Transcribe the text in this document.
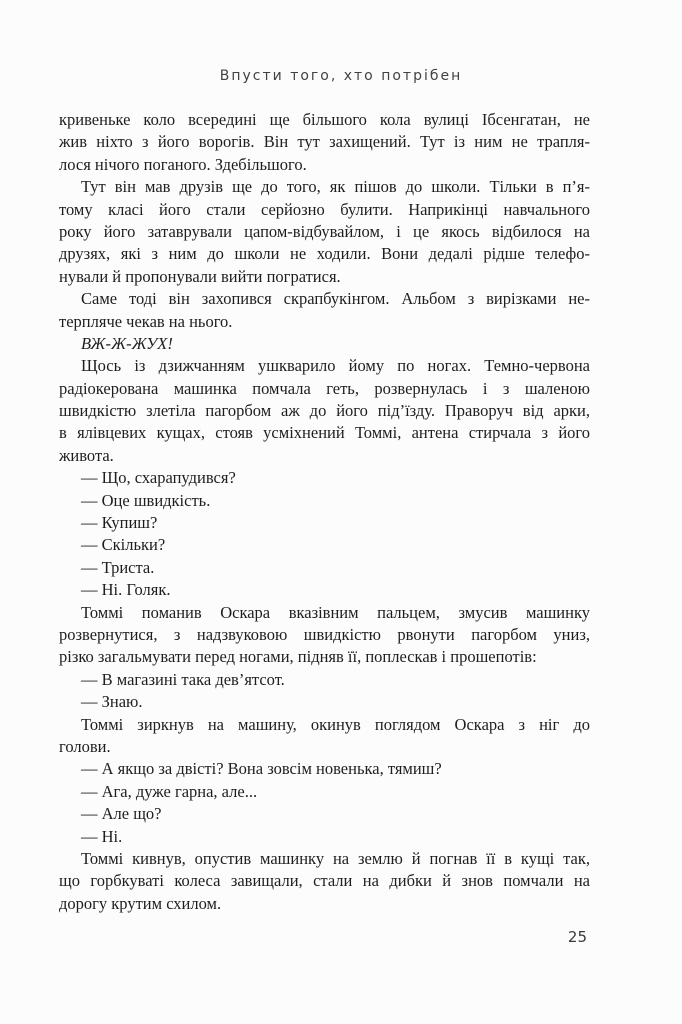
Впусти того, хто потрібен
кривеньке коло всередині ще більшого кола вулиці Ібсенгатан, не
жив ніхто з його ворогів. Він тут захищений. Тут із ним не трапля-
лося нічого поганого. Здебільшого.
Тут він мав друзів ще до того, як пішов до школи. Тільки в п’я-
тому класі його стали серйозно булити. Наприкінці навчального
року його затаврували цапом-відбувайлом, і це якось відбилося на
друзях, які з ним до школи не ходили. Вони дедалі рідше телефо-
нували й пропонували вийти погратися.
Саме тоді він захопився скрапбукінгом. Альбом з вирізками не-
терпляче чекав на нього.
ВЖ-Ж-ЖУХ!
Щось із дзижчанням ушкварило йому по ногах. Темно-червона
радіокерована машинка помчала геть, розвернулась і з шаленою
швидкістю злетіла пагорбом аж до його під’їзду. Праворуч від арки,
в ялівцевих кущах, стояв усміхнений Томмі, антена стирчала з його
живота.
— Що, схарапудився?
— Оце швидкість.
— Купиш?
— Скільки?
— Триста.
— Ні. Голяк.
Томмі поманив Оскара вказівним пальцем, змусив машинку
розвернутися, з надзвуковою швидкістю рвонути пагорбом униз,
різко загальмувати перед ногами, підняв її, поплескав і прошепотів:
— В магазині така дев’ятсот.
— Знаю.
Томмі зиркнув на машину, окинув поглядом Оскара з ніг до
голови.
— А якщо за двісті? Вона зовсім новенька, тямиш?
— Ага, дуже гарна, але...
— Але що?
— Ні.
Томмі кивнув, опустив машинку на землю й погнав її в кущі так,
що горбкуваті колеса завищали, стали на дибки й знов помчали на
дорогу крутим схилом.
25
